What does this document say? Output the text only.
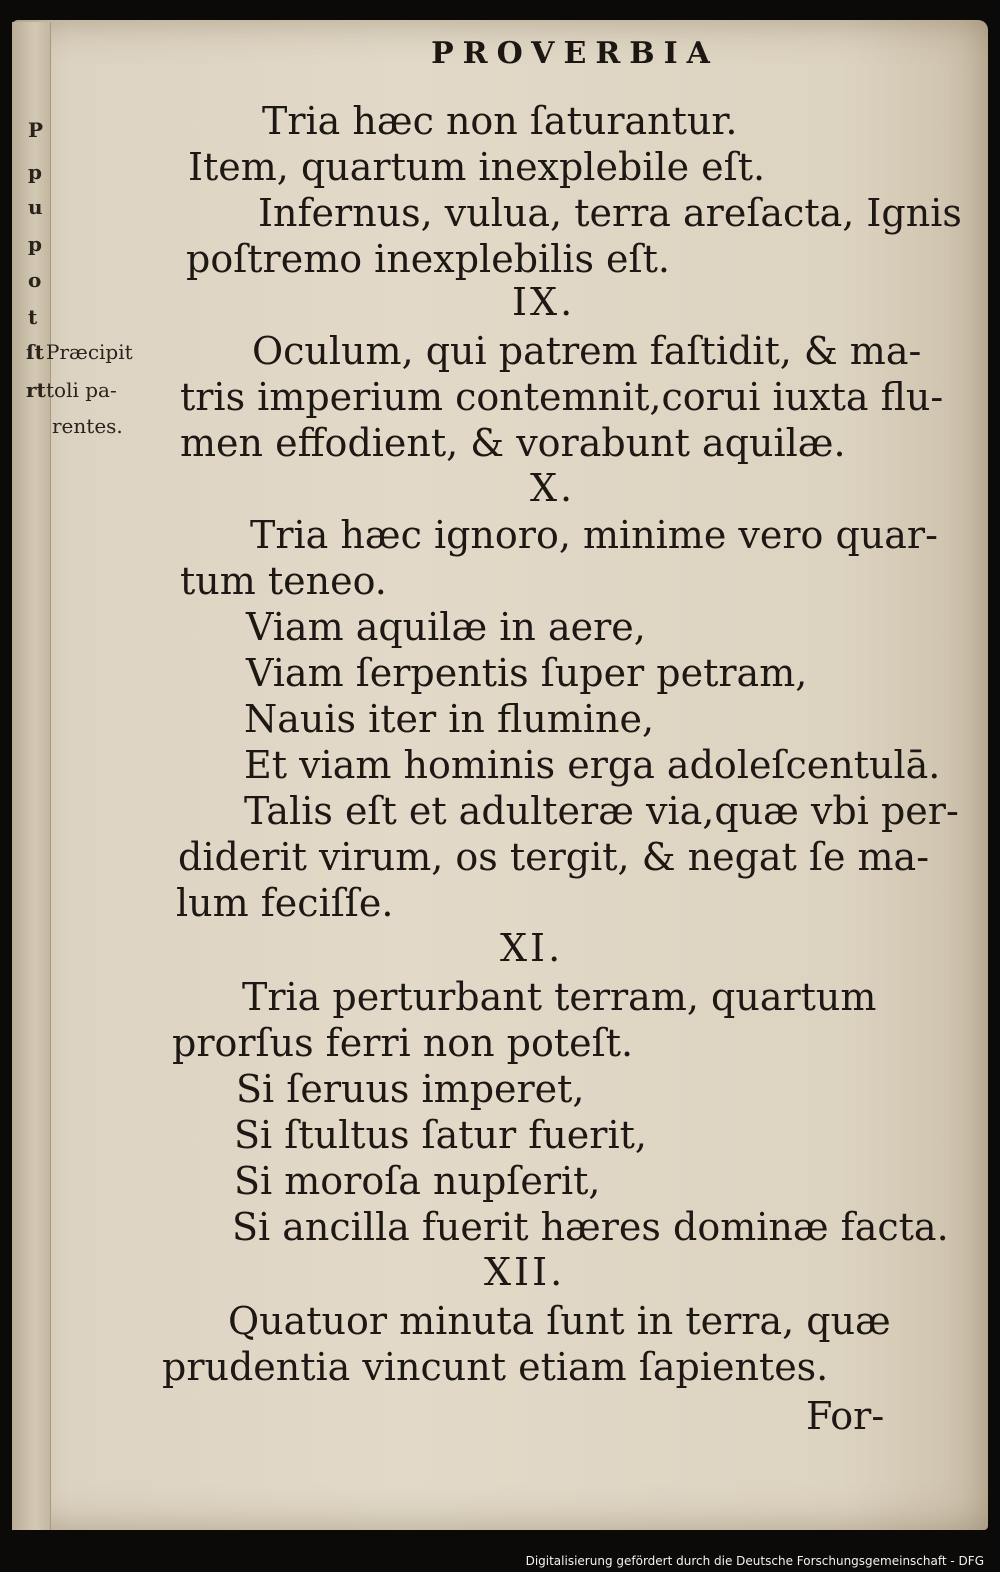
P
p
u
p
o
t
ſt
rt
PROVERBIA
Præcipit
toli pa-
rentes.
Tria hæc non ſaturantur.
Item, quartum inexplebile eſt.
Infernus, vulua, terra areſacta, Ignis
poſtremo inexplebilis eſt.
IX.
Oculum, qui patrem faſtidit, & ma-
tris imperium contemnit,corui iuxta flu-
men effodient, & vorabunt aquilæ.
X.
Tria hæc ignoro, minime vero quar-
tum teneo.
Viam aquilæ in aere,
Viam ſerpentis ſuper petram,
Nauis iter in flumine,
Et viam hominis erga adoleſcentulā.
Talis eſt et adulteræ via,quæ vbi per-
diderit virum, os tergit, & negat ſe ma-
lum feciſſe.
XI.
Tria perturbant terram, quartum
prorſus ferri non poteſt.
Si ſeruus imperet,
Si ſtultus ſatur fuerit,
Si moroſa nupſerit,
Si ancilla fuerit hæres dominæ facta.
XII.
Quatuor minuta ſunt in terra, quæ
prudentia vincunt etiam ſapientes.
For-
Digitalisierung gefördert durch die Deutsche Forschungsgemeinschaft - DFG
